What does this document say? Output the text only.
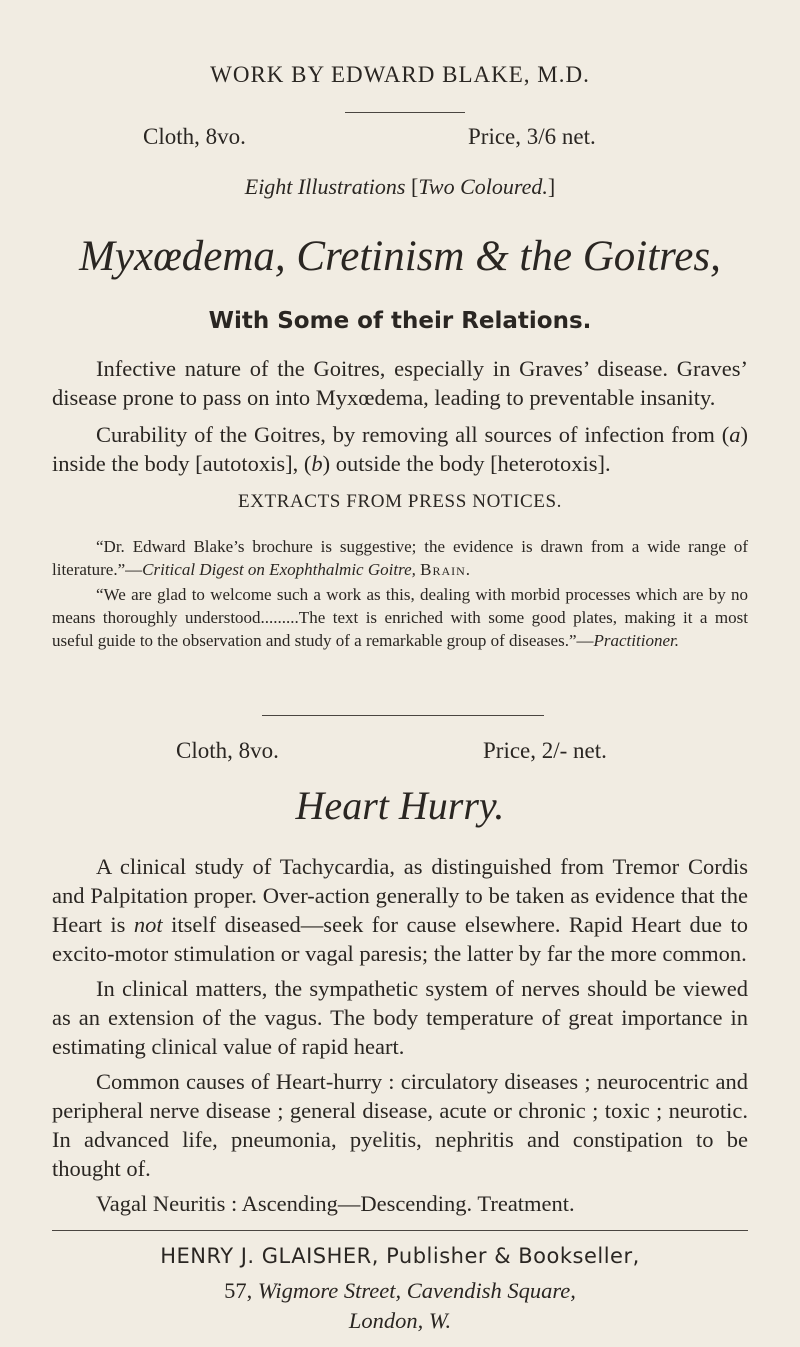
WORK BY EDWARD BLAKE, M.D.
Cloth, 8vo.	Price, 3/6 net.
Eight Illustrations [Two Coloured.]
Myxœdema, Cretinism & the Goitres,
With Some of their Relations.

Infective nature of the Goitres, especially in Graves’ disease. Graves’ disease prone to pass on into Myxœdema, leading to preventable insanity.

Curability of the Goitres, by removing all sources of infection from (a) inside the body [autotoxis], (b) outside the body [heterotoxis].

EXTRACTS FROM PRESS NOTICES.

“Dr. Edward Blake’s brochure is suggestive; the evidence is drawn from a wide range of literature.”—Critical Digest on Exophthalmic Goitre, Brain.

“We are glad to welcome such a work as this, dealing with morbid processes which are by no means thoroughly understood.........The text is enriched with some good plates, making it a most useful guide to the observation and study of a remarkable group of diseases.”—Practitioner.

Cloth, 8vo.	Price, 2/- net.
Heart Hurry.

A clinical study of Tachycardia, as distinguished from Tremor Cordis and Palpitation proper. Over-action generally to be taken as evidence that the Heart is not itself diseased—seek for cause elsewhere. Rapid Heart due to excito-motor stimulation or vagal paresis; the latter by far the more common.

In clinical matters, the sympathetic system of nerves should be viewed as an extension of the vagus. The body temperature of great importance in estimating clinical value of rapid heart.

Common causes of Heart-hurry : circulatory diseases ; neurocentric and peripheral nerve disease ; general disease, acute or chronic ; toxic ; neurotic. In advanced life, pneumonia, pyelitis, nephritis and constipation to be thought of.

Vagal Neuritis : Ascending—Descending. Treatment.

HENRY J. GLAISHER, Publisher & Bookseller,
57, Wigmore Street, Cavendish Square,
London, W.
